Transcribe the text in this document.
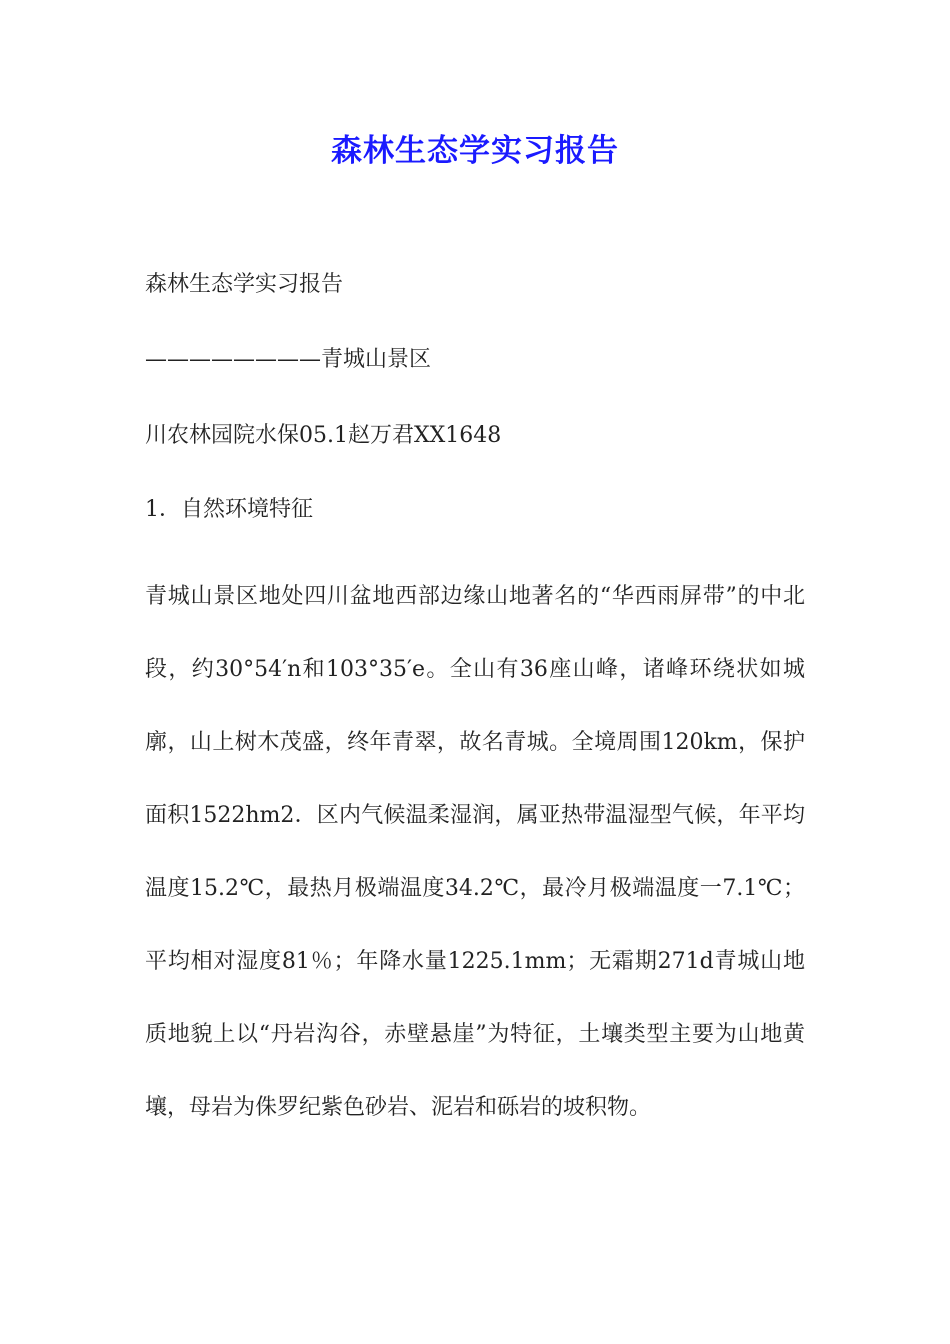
森林生态学实习报告

森林生态学实习报告

————————青城山景区

川农林园院水保05.1赵万君XX1648

1．自然环境特征

青城山景区地处四川盆地西部边缘山地著名的“华西雨屏带”的中北段，约30°54′n和103°35′e。全山有36座山峰，诸峰环绕状如城廓，山上树木茂盛，终年青翠，故名青城。全境周围120km，保护面积1522hm2．区内气候温柔湿润，属亚热带温湿型气候，年平均温度15.2℃，最热月极端温度34.2℃，最冷月极端温度一7.1℃；平均相对湿度81％；年降水量1225.1mm；无霜期271d青城山地质地貌上以“丹岩沟谷，赤壁悬崖”为特征，土壤类型主要为山地黄壤，母岩为侏罗纪紫色砂岩、泥岩和砾岩的坡积物。
